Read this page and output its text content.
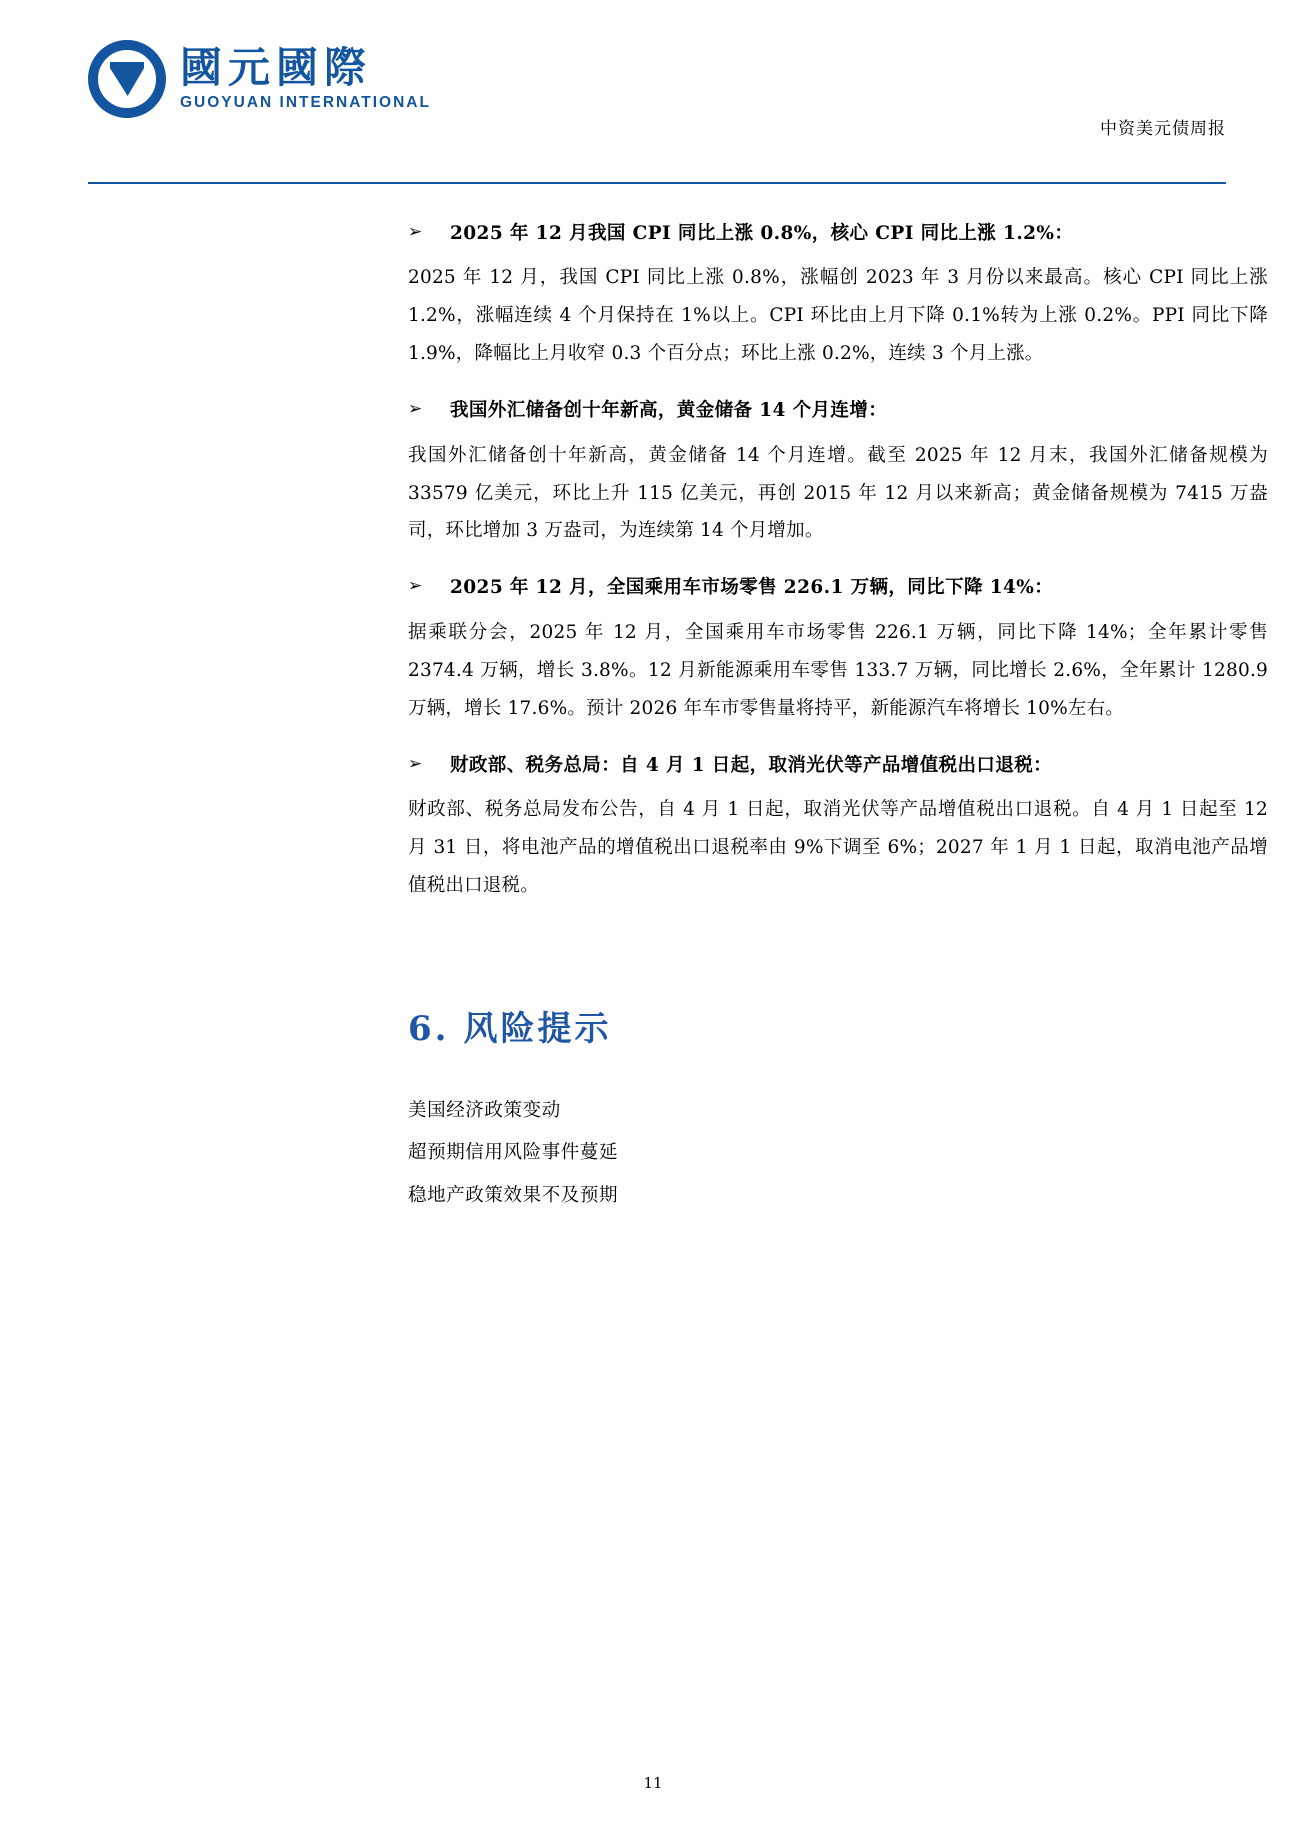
國元國際
GUOYUAN INTERNATIONAL
中资美元债周报
➢	2025 年 12 月我国 CPI 同比上涨 0.8%，核心 CPI 同比上涨 1.2%：
2025 年 12 月，我国 CPI 同比上涨 0.8%，涨幅创 2023 年 3 月份以来最高。核心 CPI 同比上涨 1.2%，涨幅连续 4 个月保持在 1%以上。CPI 环比由上月下降 0.1%转为上涨 0.2%。PPI 同比下降 1.9%，降幅比上月收窄 0.3 个百分点；环比上涨 0.2%，连续 3 个月上涨。
➢	我国外汇储备创十年新高，黄金储备 14 个月连增：
我国外汇储备创十年新高，黄金储备 14 个月连增。截至 2025 年 12 月末，我国外汇储备规模为 33579 亿美元，环比上升 115 亿美元，再创 2015 年 12 月以来新高；黄金储备规模为 7415 万盎司，环比增加 3 万盎司，为连续第 14 个月增加。
➢	2025 年 12 月，全国乘用车市场零售 226.1 万辆，同比下降 14%：
据乘联分会，2025 年 12 月，全国乘用车市场零售 226.1 万辆，同比下降 14%；全年累计零售 2374.4 万辆，增长 3.8%。12 月新能源乘用车零售 133.7 万辆，同比增长 2.6%，全年累计 1280.9 万辆，增长 17.6%。预计 2026 年车市零售量将持平，新能源汽车将增长 10%左右。
➢	财政部、税务总局：自 4 月 1 日起，取消光伏等产品增值税出口退税：
财政部、税务总局发布公告，自 4 月 1 日起，取消光伏等产品增值税出口退税。自 4 月 1 日起至 12 月 31 日，将电池产品的增值税出口退税率由 9%下调至 6%；2027 年 1 月 1 日起，取消电池产品增值税出口退税。
6. 风险提示
美国经济政策变动
超预期信用风险事件蔓延
稳地产政策效果不及预期
11
